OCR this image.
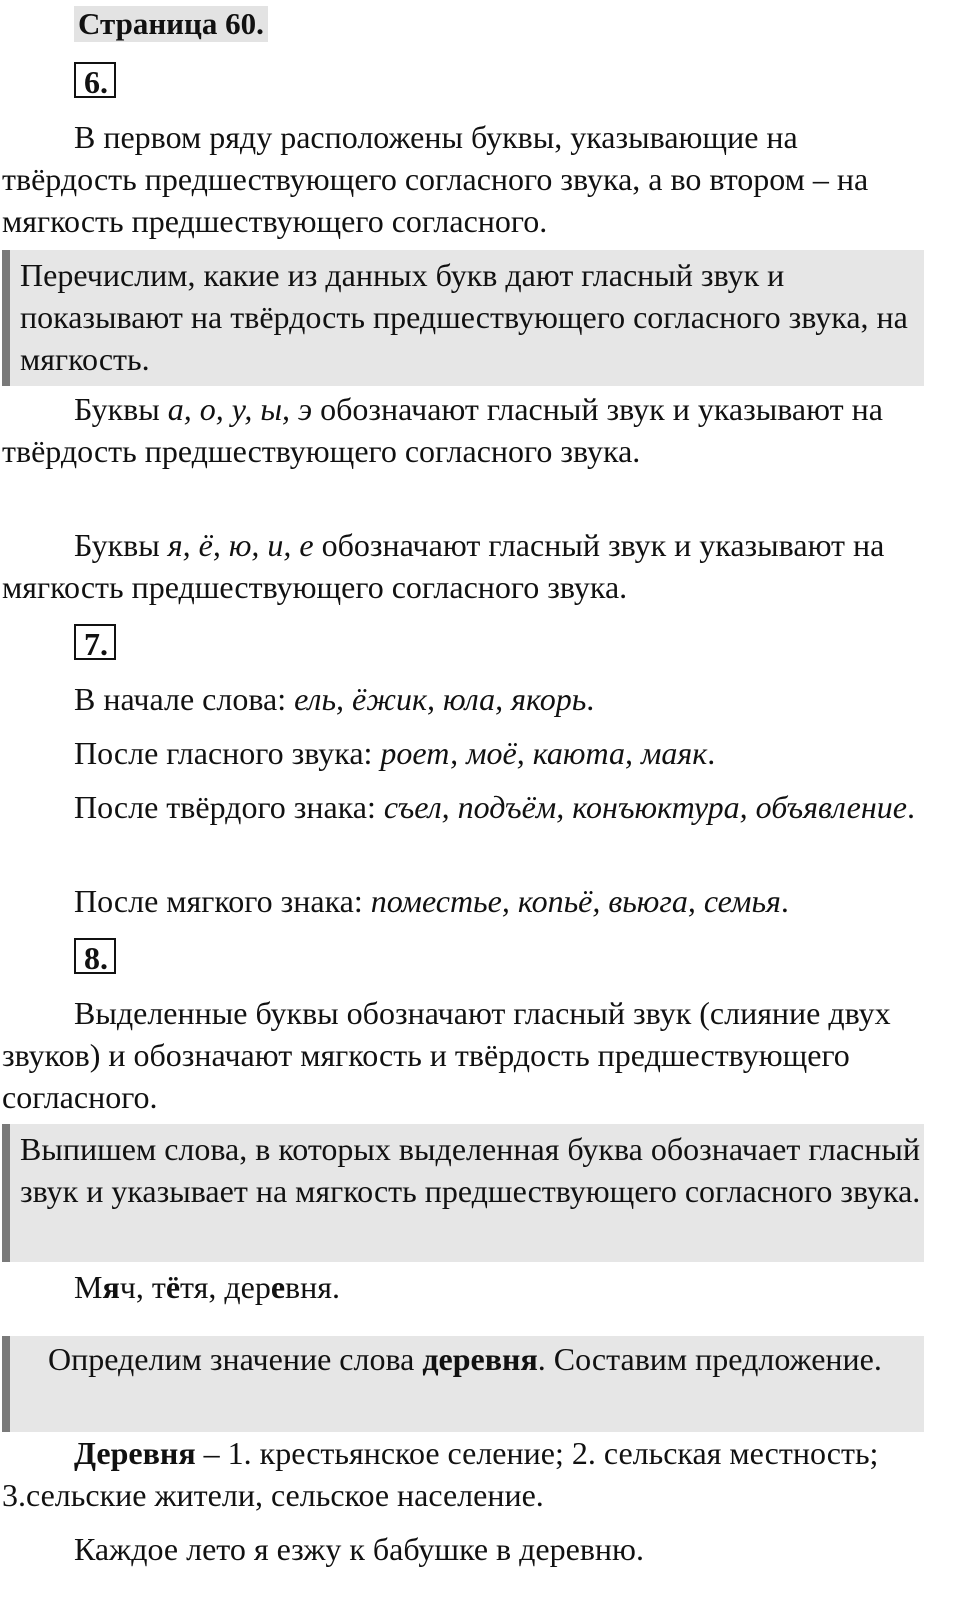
Страница 60.
6.

В первом ряду расположены буквы, указывающие на твёрдость предшествующего согласного звука, а во втором – на мягкость предшествующего согласного.

Перечислим, какие из данных букв дают гласный звук и показывают на твёрдость предшествующего согласного звука, на мягкость.

Буквы а, о, у, ы, э обозначают гласный звук и указывают на твёрдость предшествующего согласного звука.

Буквы я, ё, ю, и, е обозначают гласный звук и указывают на мягкость предшествующего согласного звука.

7.

В начале слова: ель, ёжик, юла, якорь.

После гласного звука: роет, моё, каюта, маяк.

После твёрдого знака: съел, подъём, конъюктура, объявление.

После мягкого знака: поместье, копьё, вьюга, семья.

8.

Выделенные буквы обозначают гласный звук (слияние двух звуков) и обозначают мягкость и твёрдость предшествующего согласного.

Выпишем слова, в которых выделенная буква обозначает гласный звук и указывает на мягкость предшествующего согласного звука.

Мяч, тётя, деревня.

Определим значение слова деревня. Составим предложение.

Деревня – 1. крестьянское селение; 2. сельская местность; 3.сельские жители, сельское население.

Каждое лето я езжу к бабушке в деревню.
